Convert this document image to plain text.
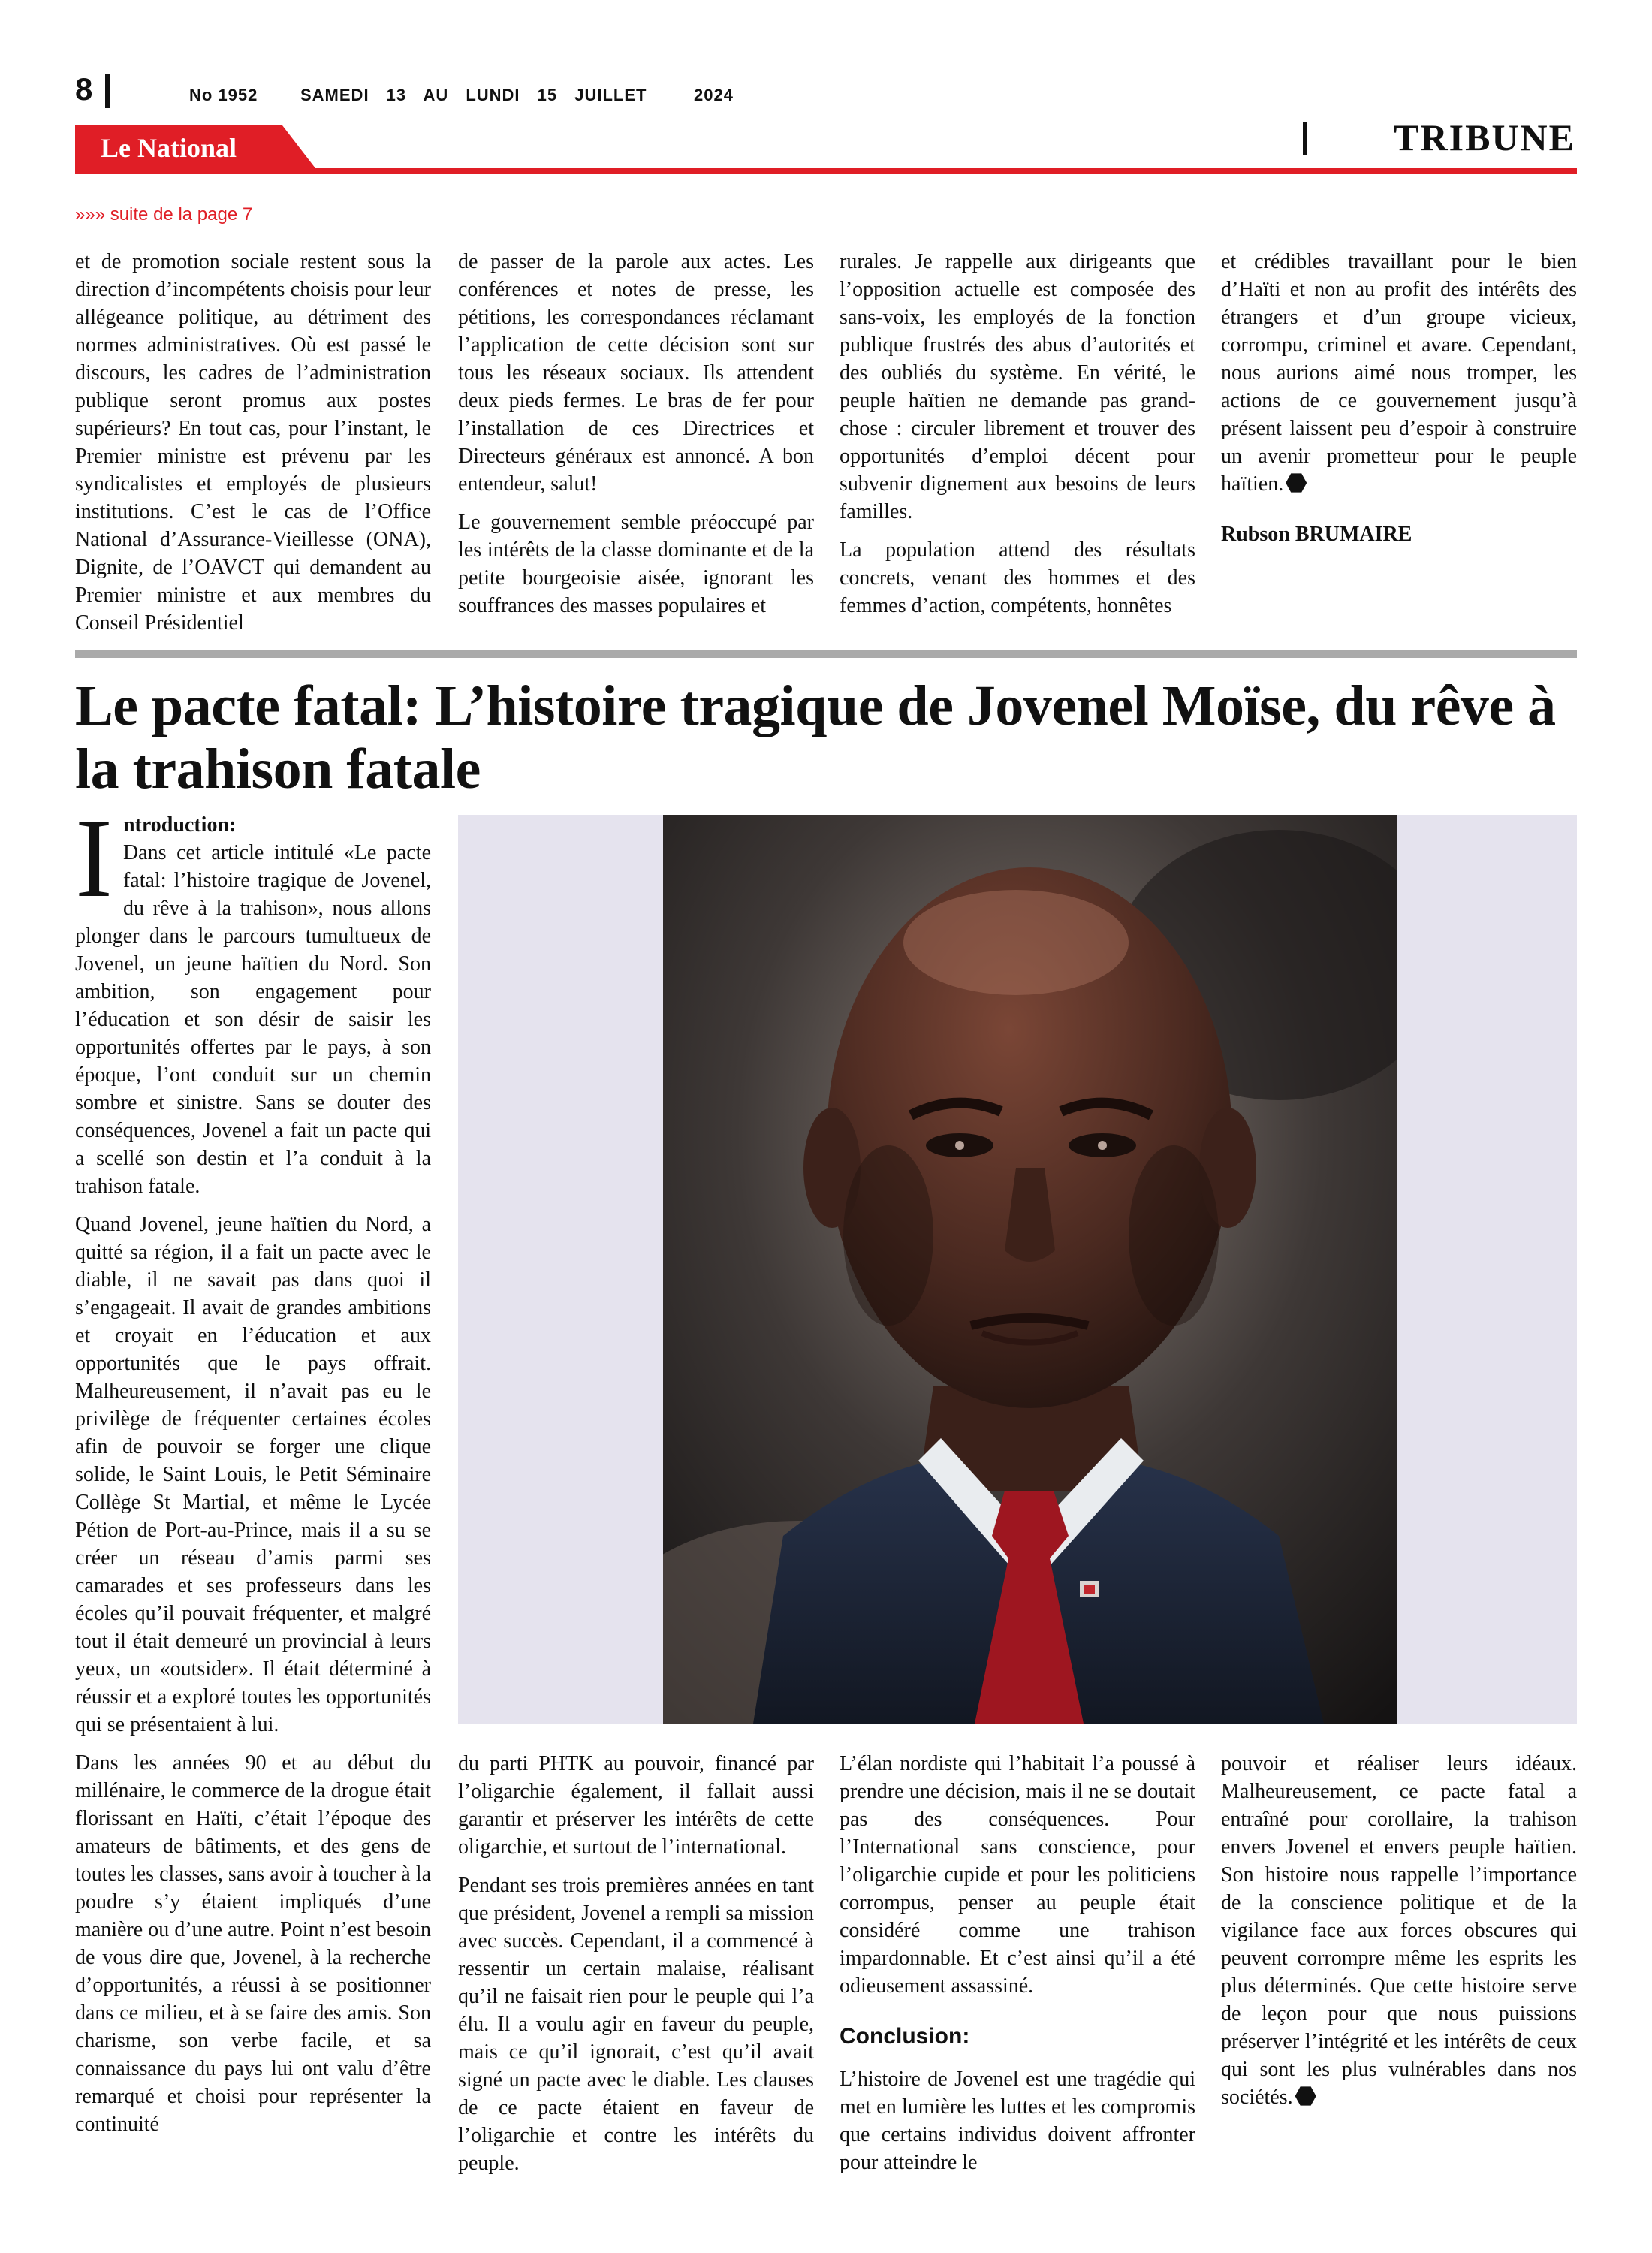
8	No 1952	SAMEDI 13 AU LUNDI 15 JUILLET	2024
TRIBUNE
Le National
»»» suite de la page 7

et de promotion sociale restent sous la direction d’incompétents choisis pour leur allégeance politique, au détriment des normes administratives. Où est passé le discours, les cadres de l’administration publique seront promus aux postes supérieurs? En tout cas, pour l’instant, le Premier ministre est prévenu par les syndicalistes et employés de plusieurs institutions. C’est le cas de l’Office National d’Assurance-Vieillesse (ONA), Dignite, de l’OAVCT qui demandent au Premier ministre et aux membres du Conseil Présidentiel

de passer de la parole aux actes. Les conférences et notes de presse, les pétitions, les correspondances réclamant l’application de cette décision sont sur tous les réseaux sociaux. Ils attendent deux pieds fermes. Le bras de fer pour l’installation de ces Directrices et Directeurs généraux est annoncé. A bon entendeur, salut!

Le gouvernement semble préoccupé par les intérêts de la classe dominante et de la petite bourgeoisie aisée, ignorant les souffrances des masses populaires et

rurales. Je rappelle aux dirigeants que l’opposition actuelle est composée des sans-voix, les employés de la fonction publique frustrés des abus d’autorités et des oubliés du système. En vérité, le peuple haïtien ne demande pas grand-chose : circuler librement et trouver des opportunités d’emploi décent pour subvenir dignement aux besoins de leurs familles.

La population attend des résultats concrets, venant des hommes et des femmes d’action, compétents, honnêtes

et crédibles travaillant pour le bien d’Haïti et non au profit des intérêts des étrangers et d’un groupe vicieux, corrompu, criminel et avare. Cependant, nous aurions aimé nous tromper, les actions de ce gouvernement jusqu’à présent laissent peu d’espoir à construire un avenir prometteur pour le peuple haïtien.

Rubson BRUMAIRE
Le pacte fatal: L’histoire tragique de Jovenel Moïse, du rêve à la trahison fatale

I ntroduction:
Dans cet article intitulé «Le pacte fatal: l’histoire tragique de Jovenel, du rêve à la trahison», nous allons plonger dans le parcours tumultueux de Jovenel, un jeune haïtien du Nord. Son ambition, son engagement pour l’éducation et son désir de saisir les opportunités offertes par le pays, à son époque, l’ont conduit sur un chemin sombre et sinistre. Sans se douter des conséquences, Jovenel a fait un pacte qui a scellé son destin et l’a conduit à la trahison fatale.

Quand Jovenel, jeune haïtien du Nord, a quitté sa région, il a fait un pacte avec le diable, il ne savait pas dans quoi il s’engageait. Il avait de grandes ambitions et croyait en l’éducation et aux opportunités que le pays offrait. Malheureusement, il n’avait pas eu le privilège de fréquenter certaines écoles afin de pouvoir se forger une clique solide, le Saint Louis, le Petit Séminaire Collège St Martial, et même le Lycée Pétion de Port-au-Prince, mais il a su se créer un réseau d’amis parmi ses camarades et ses professeurs dans les écoles qu’il pouvait fréquenter, et malgré tout il était demeuré un provincial à leurs yeux, un «outsider». Il était déterminé à réussir et a exploré toutes les opportunités qui se présentaient à lui.

Dans les années 90 et au début du millénaire, le commerce de la drogue était florissant en Haïti, c’était l’époque des amateurs de bâtiments, et des gens de toutes les classes, sans avoir à toucher à la poudre s’y étaient impliqués d’une manière ou d’une autre. Point n’est besoin de vous dire que, Jovenel, à la recherche d’opportunités, a réussi à se positionner dans ce milieu, et à se faire des amis. Son charisme, son verbe facile, et sa connaissance du pays lui ont valu d’être remarqué et choisi pour représenter la continuité

du parti PHTK au pouvoir, financé par l’oligarchie également, il fallait aussi garantir et préserver les intérêts de cette oligarchie, et surtout de l’international.

Pendant ses trois premières années en tant que président, Jovenel a rempli sa mission avec succès. Cependant, il a commencé à ressentir un certain malaise, réalisant qu’il ne faisait rien pour le peuple qui l’a élu. Il a voulu agir en faveur du peuple, mais ce qu’il ignorait, c’est qu’il avait signé un pacte avec le diable. Les clauses de ce pacte étaient en faveur de l’oligarchie et contre les intérêts du peuple.

L’élan nordiste qui l’habitait l’a poussé à prendre une décision, mais il ne se doutait pas des conséquences. Pour l’International sans conscience, pour l’oligarchie cupide et pour les politiciens corrompus, penser au peuple était considéré comme une trahison impardonnable. Et c’est ainsi qu’il a été odieusement assassiné.

Conclusion:

L’histoire de Jovenel est une tragédie qui met en lumière les luttes et les compromis que certains individus doivent affronter pour atteindre le

pouvoir et réaliser leurs idéaux. Malheureusement, ce pacte fatal a entraîné pour corollaire, la trahison envers Jovenel et envers peuple haïtien. Son histoire nous rappelle l’importance de la conscience politique et de la vigilance face aux forces obscures qui peuvent corrompre même les esprits les plus déterminés. Que cette histoire serve de leçon pour que nous puissions préserver l’intégrité et les intérêts de ceux qui sont les plus vulnérables dans nos sociétés.
